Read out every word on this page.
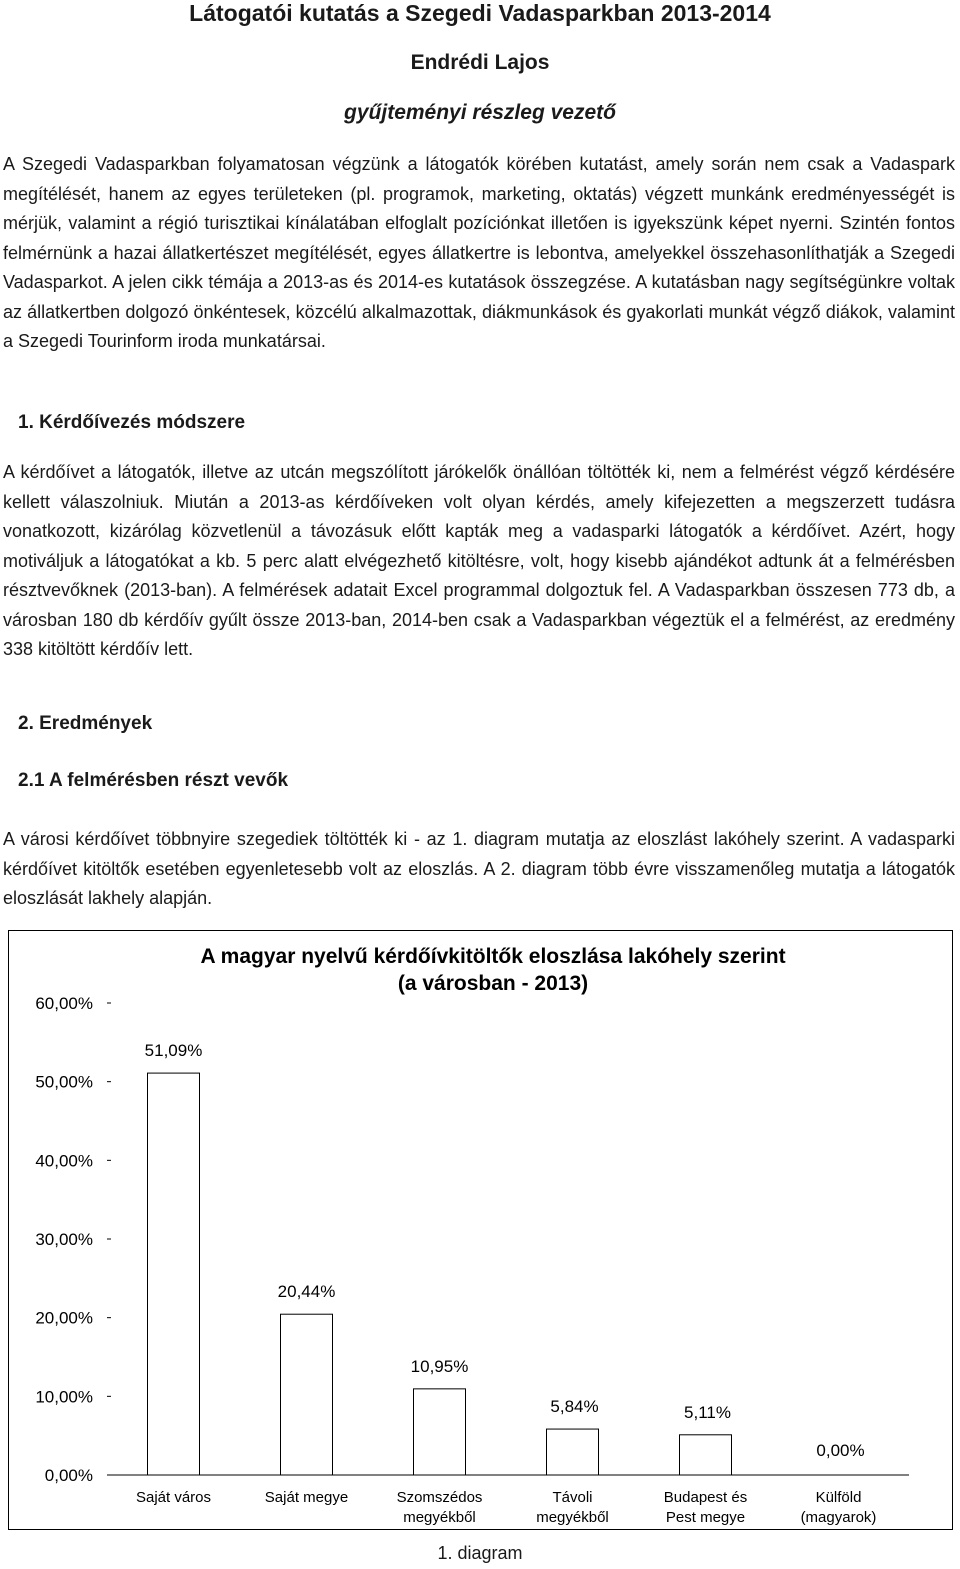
Látogatói kutatás a Szegedi Vadasparkban 2013-2014
Endrédi Lajos
gyűjteményi részleg vezető

A Szegedi Vadasparkban folyamatosan végzünk a látogatók körében kutatást, amely során nem csak a Vadaspark megítélését, hanem az egyes területeken (pl. programok, marketing, oktatás) végzett munkánk eredményességét is mérjük, valamint a régió turisztikai kínálatában elfoglalt pozíciónkat illetően is igyekszünk képet nyerni. Szintén fontos felmérnünk a hazai állatkertészet megítélését, egyes állatkertre is lebontva, amelyekkel összehasonlíthatják a Szegedi Vadasparkot. A jelen cikk témája a 2013-as és 2014-es kutatások összegzése. A kutatásban nagy segítségünkre voltak az állatkertben dolgozó önkéntesek, közcélú alkalmazottak, diákmunkások és gyakorlati munkát végző diákok, valamint a Szegedi Tourinform iroda munkatársai.

1. Kérdőívezés módszere

A kérdőívet a látogatók, illetve az utcán megszólított járókelők önállóan töltötték ki, nem a felmérést végző kérdésére kellett válaszolniuk. Miután a 2013-as kérdőíveken volt olyan kérdés, amely kifejezetten a megszerzett tudásra vonatkozott, kizárólag közvetlenül a távozásuk előtt kapták meg a vadasparki látogatók a kérdőívet. Azért, hogy motiváljuk a látogatókat a kb. 5 perc alatt elvégezhető kitöltésre, volt, hogy kisebb ajándékot adtunk át a felmérésben résztvevőknek (2013-ban). A felmérések adatait Excel programmal dolgoztuk fel. A Vadasparkban összesen 773 db, a városban 180 db kérdőív gyűlt össze 2013-ban, 2014-ben csak a Vadasparkban végeztük el a felmérést, az eredmény 338 kitöltött kérdőív lett.

2. Eredmények
2.1 A felmérésben részt vevők

A városi kérdőívet többnyire szegediek töltötték ki - az 1. diagram mutatja az eloszlást lakóhely szerint. A vadasparki kérdőívet kitöltők esetében egyenletesebb volt az eloszlás. A 2. diagram több évre visszamenőleg mutatja a látogatók eloszlását lakhely alapján.

A magyar nyelvű kérdőívkitöltők eloszlása lakóhely szerint
(a városban - 2013)
0,00%
10,00%
20,00%
30,00%
40,00%
50,00%
60,00%
51,09%
Saját város
20,44%
Saját megye
10,95%
Szomszédos
megyékből
5,84%
Távoli
megyékből
5,11%
Budapest és
Pest megye
0,00%
Külföld
(magyarok)
1. diagram
